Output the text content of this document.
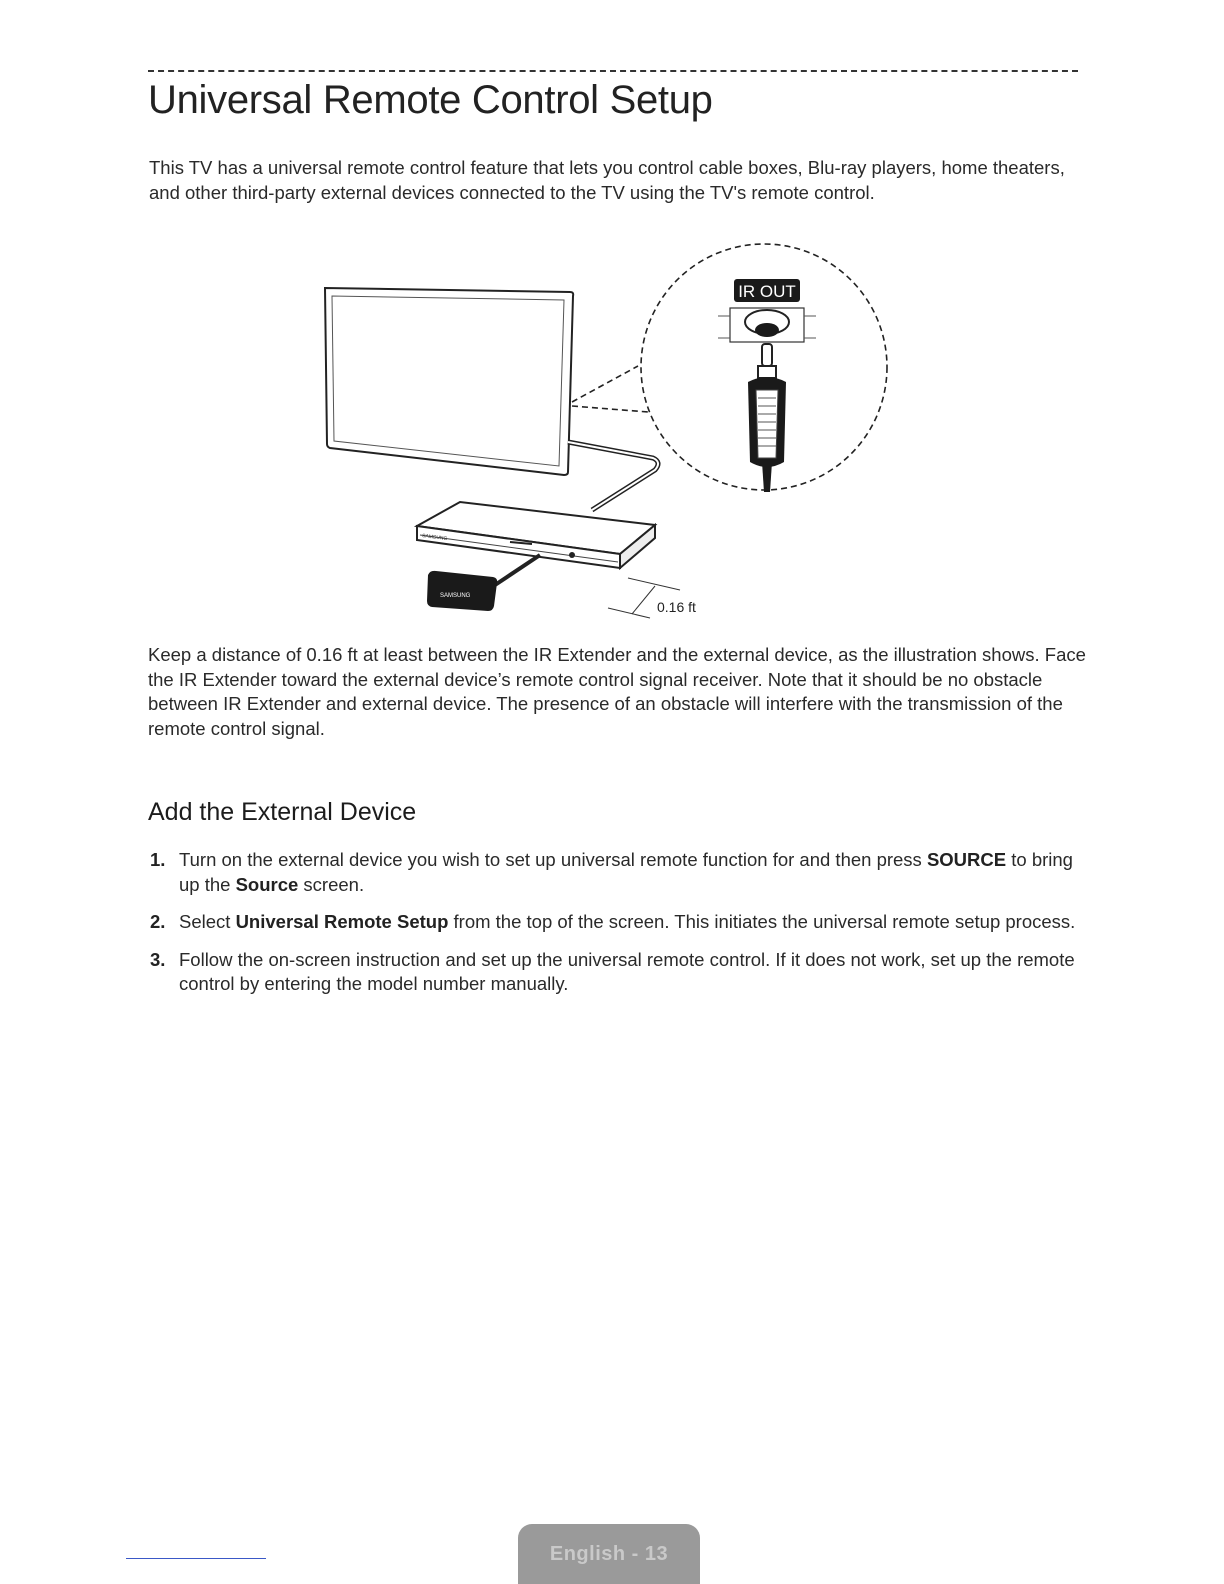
Universal Remote Control Setup

This TV has a universal remote control feature that lets you control cable boxes, Blu-ray players, home theaters, and other third-party external devices connected to the TV using the TV's remote control.

SAMSUNG
SAMSUNG
0.16 ft
IR OUT

Keep a distance of 0.16 ft at least between the IR Extender and the external device, as the illustration shows. Face the IR Extender toward the external device’s remote control signal receiver. Note that it should be no obstacle between IR Extender and external device. The presence of an obstacle will interfere with the transmission of the remote control signal.

Add the External Device
1. Turn on the external device you wish to set up universal remote function for and then press SOURCE to bring up the Source screen.
2. Select Universal Remote Setup from the top of the screen. This initiates the universal remote setup process.
3. Follow the on-screen instruction and set up the universal remote control. If it does not work, set up the remote control by entering the model number manually.
English - 13
